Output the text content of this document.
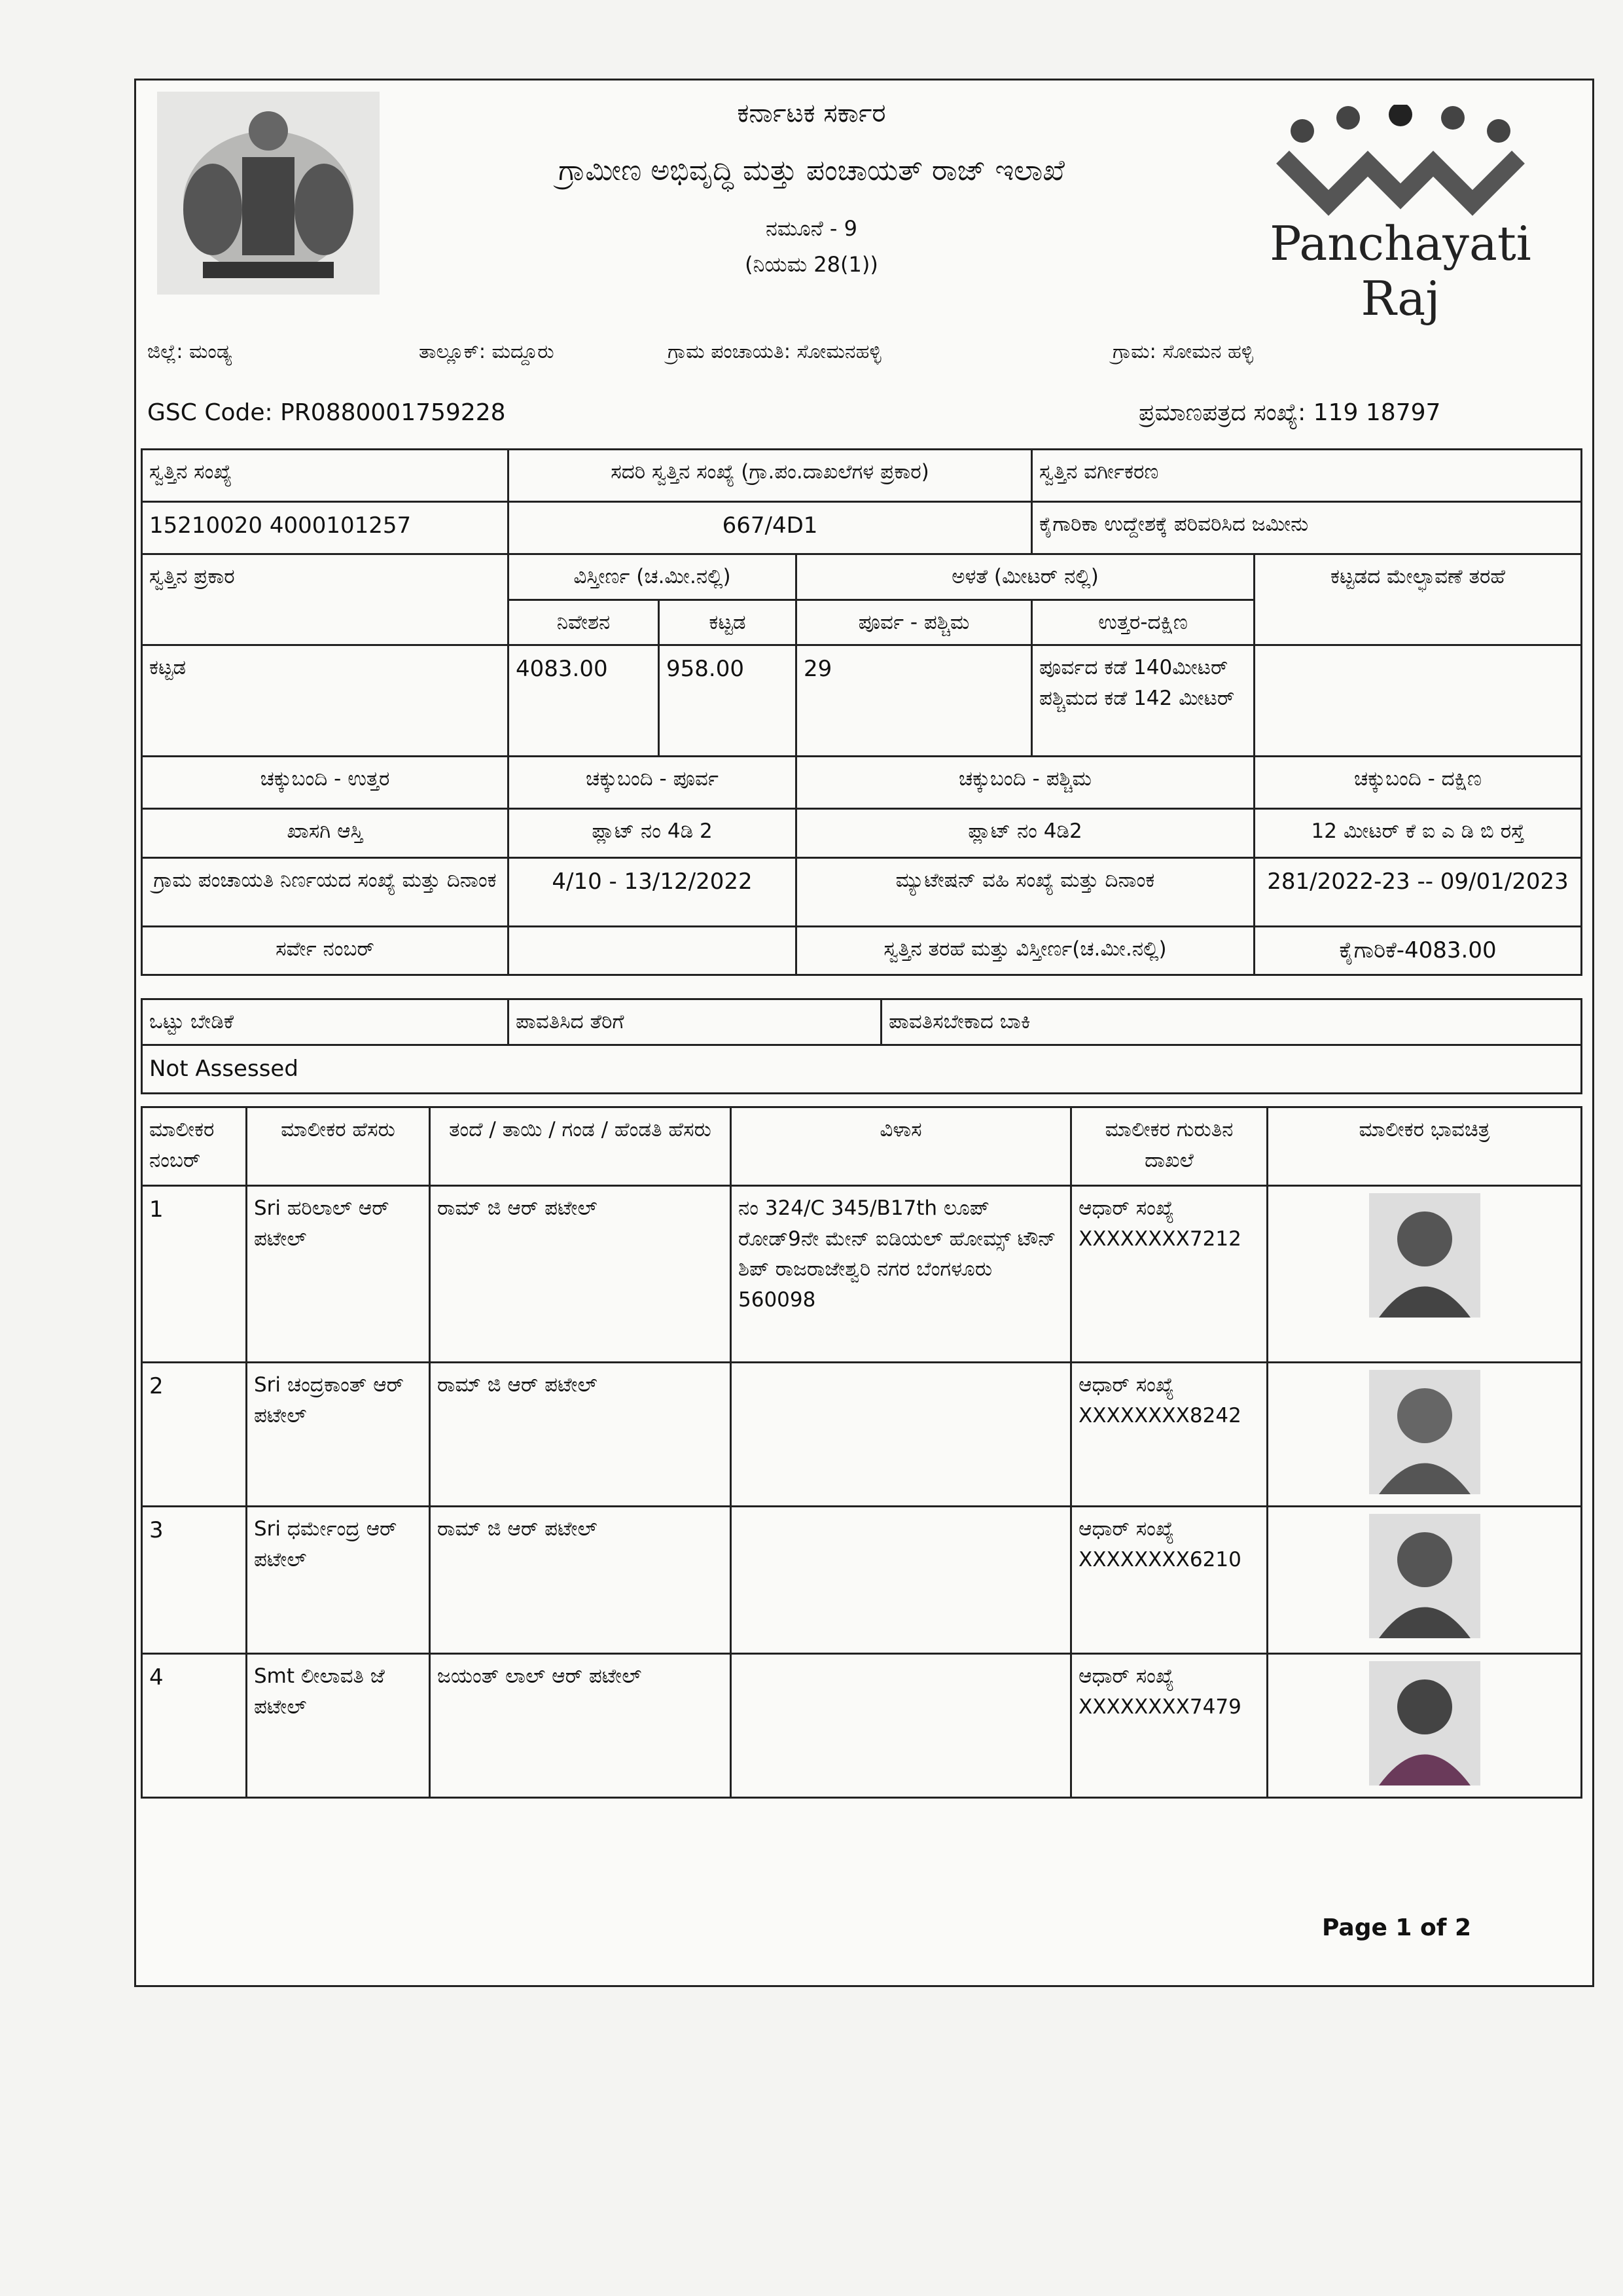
Panchayati Raj
ಕರ್ನಾಟಕ ಸರ್ಕಾರ
ಗ್ರಾಮೀಣ ಅಭಿವೃದ್ಧಿ ಮತ್ತು ಪಂಚಾಯತ್ ರಾಜ್ ಇಲಾಖೆ
ನಮೂನೆ - 9
(ನಿಯಮ 28(1))
ಜಿಲ್ಲೆ: ಮಂಡ್ಯ	ತಾಲ್ಲೂಕ್: ಮದ್ದೂರು	ಗ್ರಾಮ ಪಂಚಾಯತಿ: ಸೋಮನಹಳ್ಳಿ	ಗ್ರಾಮ: ಸೋಮನ ಹಳ್ಳಿ
GSC Code: PR0880001759228	ಪ್ರಮಾಣಪತ್ರದ ಸಂಖ್ಯೆ: 119 18797
ಸ್ವತ್ತಿನ ಸಂಖ್ಯೆ	ಸದರಿ ಸ್ವತ್ತಿನ ಸಂಖ್ಯೆ (ಗ್ರಾ.ಪಂ.ದಾಖಲೆಗಳ ಪ್ರಕಾರ)			ಸ್ವತ್ತಿನ ವರ್ಗೀಕರಣ	
15210020 4000101257	667/4D1			ಕೈಗಾರಿಕಾ ಉದ್ದೇಶಕ್ಕೆ ಪರಿವರಿಸಿದ ಜಮೀನು	
ಸ್ವತ್ತಿನ ಪ್ರಕಾರ	ವಿಸ್ತೀರ್ಣ (ಚ.ಮೀ.ನಲ್ಲಿ)		ಅಳತೆ (ಮೀಟರ್ ನಲ್ಲಿ)		ಕಟ್ಟಡದ ಮೇಲ್ಛಾವಣೆ ತರಹೆ
	ನಿವೇಶನ	ಕಟ್ಟಡ	ಪೂರ್ವ - ಪಶ್ಚಿಮ	ಉತ್ತರ-ದಕ್ಷಿಣ	
ಕಟ್ಟಡ	4083.00	958.00	29	ಪೂರ್ವದ ಕಡೆ 140ಮೀಟರ್ ಪಶ್ಚಿಮದ ಕಡೆ 142 ಮೀಟರ್	
ಚಕ್ಕುಬಂದಿ - ಉತ್ತರ	ಚಕ್ಕುಬಂದಿ - ಪೂರ್ವ		ಚಕ್ಕುಬಂದಿ - ಪಶ್ಚಿಮ		ಚಕ್ಕುಬಂದಿ - ದಕ್ಷಿಣ
ಖಾಸಗಿ ಆಸ್ತಿ	ಪ್ಲಾಟ್ ನಂ 4ಡಿ 2		ಪ್ಲಾಟ್ ನಂ 4ಡಿ2		12 ಮೀಟರ್ ಕೆ ಐ ಎ ಡಿ ಬಿ ರಸ್ತೆ
ಗ್ರಾಮ ಪಂಚಾಯತಿ ನಿರ್ಣಯದ ಸಂಖ್ಯೆ ಮತ್ತು ದಿನಾಂಕ	4/10 - 13/12/2022		ಮ್ಯುಟೇಷನ್ ವಹಿ ಸಂಖ್ಯೆ ಮತ್ತು ದಿನಾಂಕ		281/2022-23 -- 09/01/2023
ಸರ್ವೇ ನಂಬರ್			ಸ್ವತ್ತಿನ ತರಹೆ ಮತ್ತು ವಿಸ್ತೀರ್ಣ(ಚ.ಮೀ.ನಲ್ಲಿ)		ಕೈಗಾರಿಕೆ-4083.00
ಒಟ್ಟು ಬೇಡಿಕೆ	ಪಾವತಿಸಿದ ತೆರಿಗೆ	ಪಾವತಿಸಬೇಕಾದ ಬಾಕಿ
Not Assessed
ಮಾಲೀಕರ ನಂಬರ್	ಮಾಲೀಕರ ಹೆಸರು	ತಂದೆ / ತಾಯಿ / ಗಂಡ / ಹೆಂಡತಿ ಹೆಸರು	ವಿಳಾಸ	ಮಾಲೀಕರ ಗುರುತಿನ ದಾಖಲೆ	ಮಾಲೀಕರ ಭಾವಚಿತ್ರ
1	Sri ಹರಿಲಾಲ್ ಆರ್ ಪಟೇಲ್	ರಾಮ್ ಜಿ ಆರ್ ಪಟೇಲ್	ನಂ 324/C 345/B17th ಲೂಪ್ ರೋಡ್9ನೇ ಮೇನ್ ಐಡಿಯಲ್ ಹೋಮ್ಸ್ ಟೌನ್ ಶಿಪ್ ರಾಜರಾಜೇಶ್ವರಿ ನಗರ ಬೆಂಗಳೂರು 560098	ಆಧಾರ್ ಸಂಖ್ಯೆ XXXXXXXX7212	

2	Sri ಚಂದ್ರಕಾಂತ್ ಆರ್ ಪಟೇಲ್	ರಾಮ್ ಜಿ ಆರ್ ಪಟೇಲ್		ಆಧಾರ್ ಸಂಖ್ಯೆ XXXXXXXX8242	

3	Sri ಧರ್ಮೇಂದ್ರ ಆರ್ ಪಟೇಲ್	ರಾಮ್ ಜಿ ಆರ್ ಪಟೇಲ್		ಆಧಾರ್ ಸಂಖ್ಯೆ XXXXXXXX6210	

4	Smt ಲೀಲಾವತಿ ಜೆ ಪಟೇಲ್	ಜಯಂತ್ ಲಾಲ್ ಆರ್ ಪಟೇಲ್		ಆಧಾರ್ ಸಂಖ್ಯೆ XXXXXXXX7479	
Page 1 of 2
